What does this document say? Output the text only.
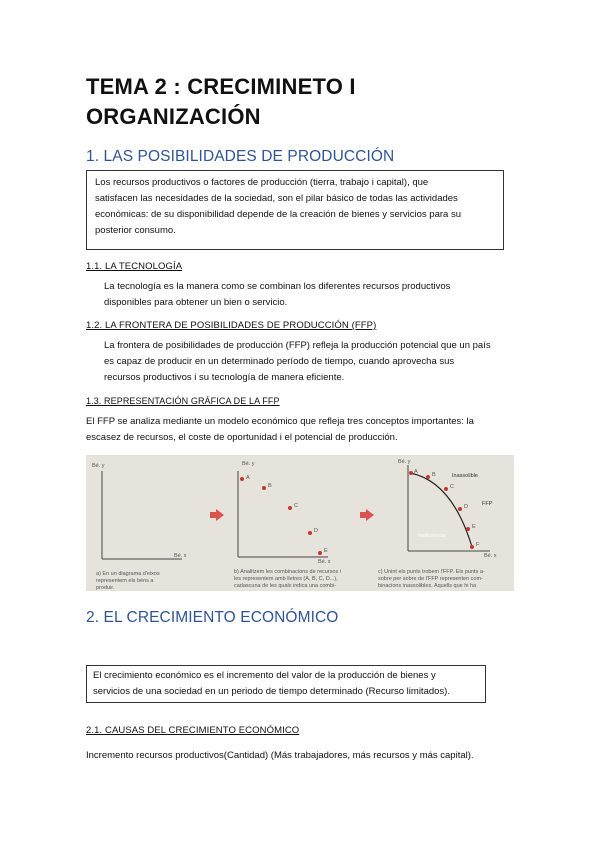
TEMA 2 : CRECIMINETO I ORGANIZACIÓN
1. LAS POSIBILIDADES DE PRODUCCIÓN
Los recursos productivos o factores de producción (tierra, trabajo i capital), que
satisfacen las necesidades de la sociedad, son el pilar básico de todas las actividades
económicas: de su disponibilidad depende de la creación de bienes y servicios para su
posterior consumo.
1.1. LA TECNOLOGÍA
La tecnología es la manera como se combinan los diferentes recursos productivos
disponibles para obtener un bien o servicio.
1.2. LA FRONTERA DE POSIBILIDADES DE PRODUCCIÓN (FFP)
La frontera de posibilidades de producción (FFP) refleja la producción potencial que un país
es capaz de producir en un determinado período de tiempo, cuando aprovecha sus
recursos productivos i su tecnología de manera eficiente.
1.3. REPRESENTACIÓN GRÁFICA DE LA FFP
El FFP se analiza mediante un modelo económico que refleja tres conceptos importantes: la
escasez de recursos, el coste de oportunidad i el potencial de producción.
Bé. y
Bé. x
a) En un diagrama d'eixos
representem els béns a
produir.
Bé. y
Bé. x
A
B
C
D
E
b) Analitzem les combinacions de recursos i
les representem amb lletres (A, B, C, D...),
cadascuna de les quals indica una combi-
Bé. y
Bé. x
A	B
C
D
E
F
Inassolible
FFP
Ineficiència
c) Unint els punts trobem l'FFP. Els punts a-
sobre per sobre de l'FFP representen com-
binacions inassolibles. Aquells que hi ha
2. EL CRECIMIENTO ECONÓMICO
El crecimiento económico es el incremento del valor de la producción de bienes y
servicios de una sociedad en un periodo de tiempo determinado (Recurso limitados).
2.1. CAUSAS DEL CRECIMIENTO ECONÓMICO
Incremento recursos productivos(Cantidad) (Más trabajadores, más recursos y más capital).
